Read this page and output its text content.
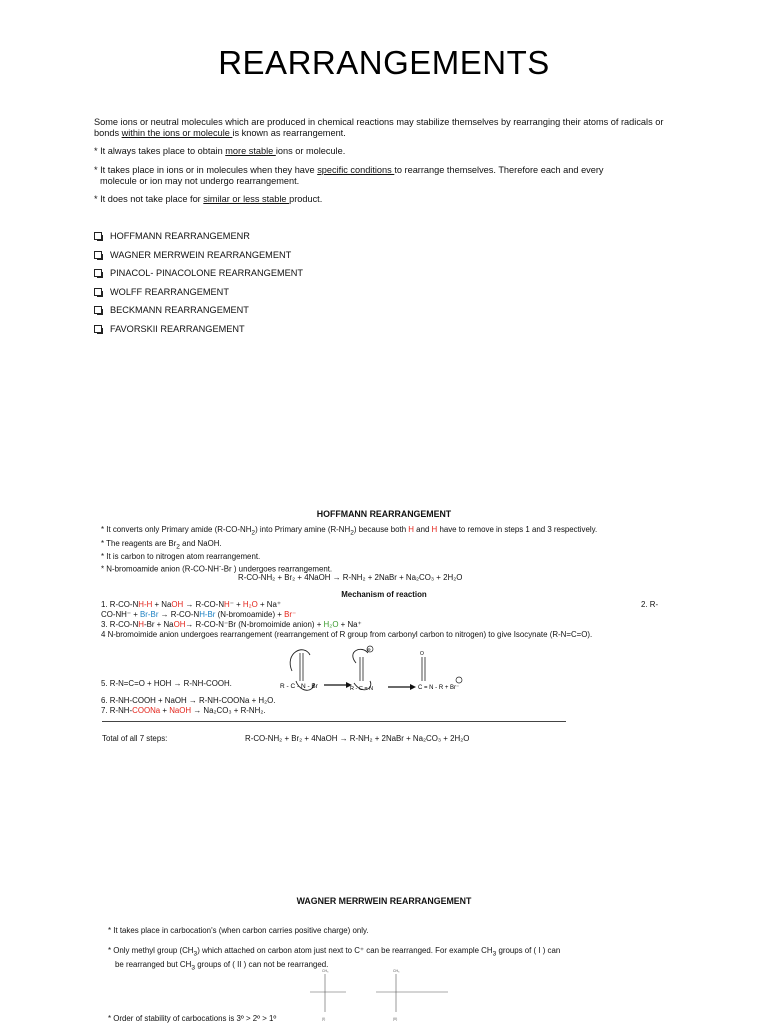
REARRANGEMENTS
Some ions or neutral molecules which are produced in chemical reactions may stabilize themselves by rearranging their atoms of radicals or bonds within the ions or molecule is known as rearrangement.
* It always takes place to obtain more stable ions or molecule.
* It takes place in ions or in molecules when they have specific conditions to rearrange themselves. Therefore each and every
molecule or ion may not undergo rearrangement.
* It does not take place for similar or less stable product.
HOFFMANN REARRANGEMENR
WAGNER MERRWEIN REARRANGEMENT
PINACOL- PINACOLONE REARRANGEMENT
WOLFF REARRANGEMENT
BECKMANN REARRANGEMENT
FAVORSKII REARRANGEMENT
HOFFMANN REARRANGEMENT
* It converts only Primary amide $(R-CO-NH_2)$ into Primary amine $(R-NH_2)$ because both H and H have to remove in steps 1 and 3 respectively.
* The reagents are $Br_2$ and NaOH.
* It is carbon to nitrogen atom rearrangement.
* N-bromoamide anion (R-CO-NH--Br ) undergoes rearrangement.
R-CO-NH₂ + Br₂ + 4NaOH → R-NH₂ + 2NaBr + Na₂CO₃ + 2H₂O
Mechanism of reaction
1. R-CO-NH-H + NaOH → R-CO-NH⁻ + H₂O + Na⁺	2. R-
CO-NH⁻ + Br-Br → R-CO-NH-Br (N-bromoamide) + Br⁻
3. R-CO-NH-Br + NaOH→ R-CO-N⁻Br (N-bromoimide anion) + H₂O + Na⁺
4 N-bromoimide anion undergoes rearrangement (rearrangement of R group from carbonyl carbon to nitrogen) to give Isocynate (R-N=C=O).
R - C - N - Br
⊖
R - C = N
O
C = N - R + Br⁻
5. R-N=C=O + HOH → R-NH-COOH.
6. R-NH-COOH + NaOH → R-NH-COONa + H₂O.
7. R-NH-COONa + NaOH → Na₂CO₃ + R-NH₂.
Total of all 7 steps:	R-CO-NH₂ + Br₂ + 4NaOH → R-NH₂ + 2NaBr + Na₂CO₃ + 2H₂O
WAGNER MERRWEIN REARRANGEMENT
* It takes place in carbocation's (when carbon carries positive charge) only.
* Only methyl group $(CH_3)$ which attached on carbon atom just next to C⁺ can be rearranged. For example $CH_3$ groups of ( I ) can
be rearranged but $CH_3$ groups of ( II ) can not be rearranged.
CH₃
(I)
CH₃
(II)
* Order of stability of carbocations is 3º > 2º > 1º
